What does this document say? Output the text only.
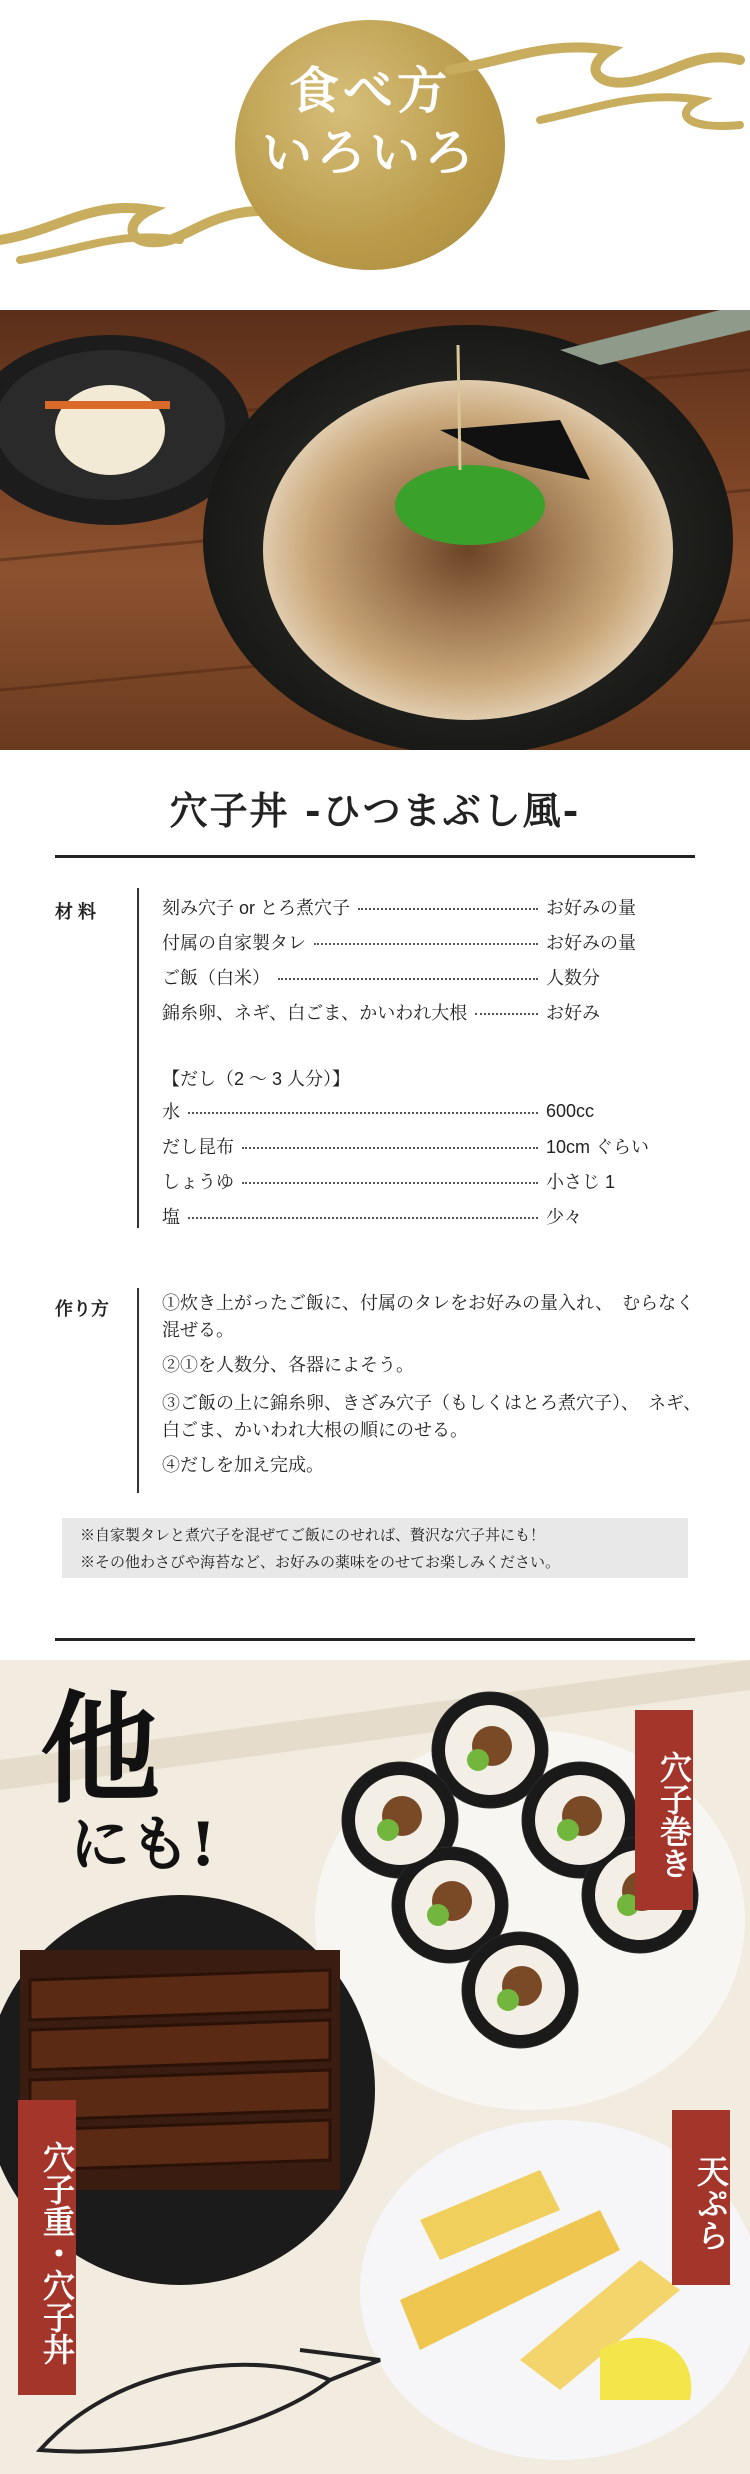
食べ方
いろいろ
穴子丼 -ひつまぶし風-
材 料	刻み穴子 or とろ煮穴子	お好みの量
付属の自家製タレ	お好みの量
ご飯（白米）	人数分
錦糸卵、ネギ、白ごま、かいわれ大根	お好み
【だし（2 ～ 3 人分）】
水	600cc
だし昆布	10cm ぐらい
しょうゆ	小さじ 1
塩	少々
作り方	①炊き上がったご飯に、付属のタレをお好みの量入れ、　むらなく混ぜる。
②①を人数分、各器によそう。
③ご飯の上に錦糸卵、きざみ穴子（もしくはとろ煮穴子）、　ネギ、白ごま、かいわれ大根の順にのせる。
④だしを加え完成。
※自家製タレと煮穴子を混ぜてご飯にのせれば、贅沢な穴子丼にも！
※その他わさびや海苔など、お好みの薬味をのせてお楽しみください。
他
にも!	穴子巻き
穴子重・穴子丼	天ぷら
